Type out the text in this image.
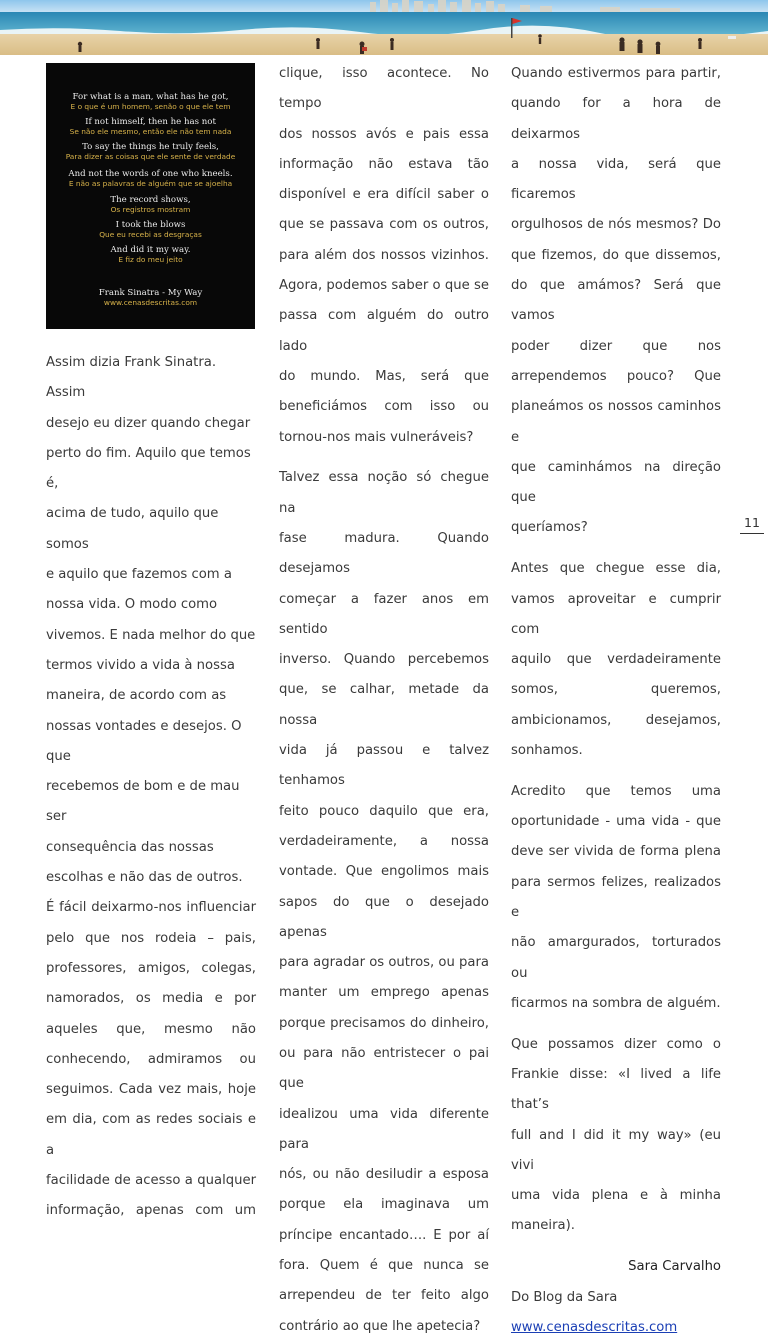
For what is a man, what has he got,
E o que é um homem, senão o que ele tem
If not himself, then he has not
Se não ele mesmo, então ele não tem nada
To say the things he truly feels,
Para dizer as coisas que ele sente de verdade
And not the words of one who kneels.
E não as palavras de alguém que se ajoelha
The record shows,
Os registros mostram
I took the blows
Que eu recebi as desgraças
And did it my way.
E fiz do meu jeito
Frank Sinatra - My Way
www.cenasdescritas.com

Assim dizia Frank Sinatra. Assim

desejo eu dizer quando chegar

perto do fim. Aquilo que temos é,

acima de tudo, aquilo que somos

e aquilo que fazemos com a

nossa vida. O modo como

vivemos. E nada melhor do que

termos vivido a vida à nossa

maneira, de acordo com as

nossas vontades e desejos. O que

recebemos de bom e de mau ser

consequência das nossas

escolhas e não das de outros.

É fácil deixarmo-nos influenciar

pelo que nos rodeia – pais,

professores, amigos, colegas,

namorados, os media e por

aqueles que, mesmo não

conhecendo, admiramos ou

seguimos. Cada vez mais, hoje

em dia, com as redes sociais e a

facilidade de acesso a qualquer

informação, apenas com um

clique, isso acontece. No tempo

dos nossos avós e pais essa

informação não estava tão

disponível e era difícil saber o

que se passava com os outros,

para além dos nossos vizinhos.

Agora, podemos saber o que se

passa com alguém do outro lado

do mundo. Mas, será que

beneficiámos com isso ou

tornou-nos mais vulneráveis?

Talvez essa noção só chegue na

fase madura. Quando desejamos

começar a fazer anos em sentido

inverso. Quando percebemos

que, se calhar, metade da nossa

vida já passou e talvez tenhamos

feito pouco daquilo que era,

verdadeiramente, a nossa

vontade. Que engolimos mais

sapos do que o desejado apenas

para agradar os outros, ou para

manter um emprego apenas

porque precisamos do dinheiro,

ou para não entristecer o pai que

idealizou uma vida diferente para

nós, ou não desiludir a esposa

porque ela imaginava um

príncipe encantado…. E por aí

fora. Quem é que nunca se

arrependeu de ter feito algo

contrário ao que lhe apetecia?

Quando estivermos para partir,

quando for a hora de deixarmos

a nossa vida, será que ficaremos

orgulhosos de nós mesmos? Do

que fizemos, do que dissemos,

do que amámos? Será que vamos

poder dizer que nos

arrependemos pouco? Que

planeámos os nossos caminhos e

que caminhámos na direção que

queríamos?

Antes que chegue esse dia,

vamos aproveitar e cumprir com

aquilo que verdadeiramente

somos, queremos,

ambicionamos, desejamos,

sonhamos.

Acredito que temos uma

oportunidade - uma vida - que

deve ser vivida de forma plena

para sermos felizes, realizados e

não amargurados, torturados ou

ficarmos na sombra de alguém.

Que possamos dizer como o

Frankie disse: «I lived a life that’s

full and I did it my way» (eu vivi

uma vida plena e à minha

maneira).

Sara Carvalho

Do Blog da Sara

www.cenasdescritas.com

11
